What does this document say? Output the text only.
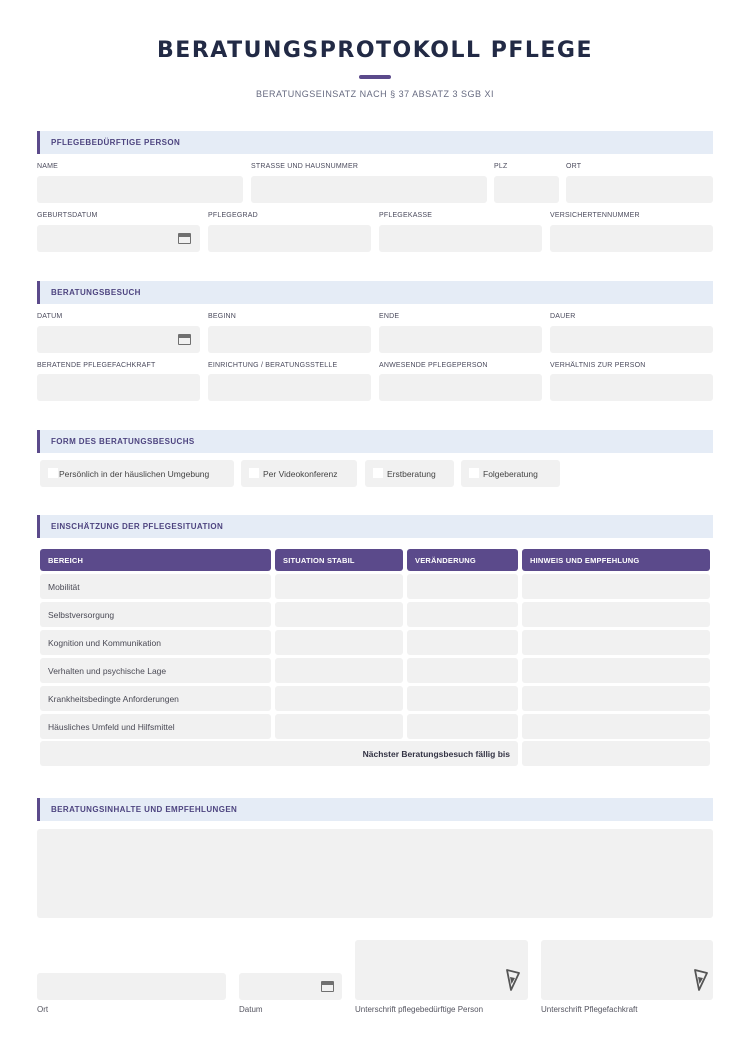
BERATUNGSPROTOKOLL PFLEGE
BERATUNGSEINSATZ NACH § 37 ABSATZ 3 SGB XI
PFLEGEBEDÜRFTIGE PERSON
NAME	STRASSE UND HAUSNUMMER	PLZ	ORT
GEBURTSDATUM	PFLEGEGRAD	PFLEGEKASSE	VERSICHERTENNUMMER
BERATUNGSBESUCH
DATUM	BEGINN	ENDE	DAUER
BERATENDE PFLEGEFACHKRAFT	EINRICHTUNG / BERATUNGSSTELLE	ANWESENDE PFLEGEPERSON	VERHÄLTNIS ZUR PERSON
FORM DES BERATUNGSBESUCHS
Persönlich in der häuslichen Umgebung	Per Videokonferenz	Erstberatung	Folgeberatung
EINSCHÄTZUNG DER PFLEGESITUATION
BEREICH	SITUATION STABIL	VERÄNDERUNG	HINWEIS UND EMPFEHLUNG
Mobilität
Selbstversorgung
Kognition und Kommunikation
Verhalten und psychische Lage
Krankheitsbedingte Anforderungen
Häusliches Umfeld und Hilfsmittel
Nächster Beratungsbesuch fällig bis
BERATUNGSINHALTE UND EMPFEHLUNGEN
Ort	Datum	Unterschrift pflegebedürftige Person	Unterschrift Pflegefachkraft
